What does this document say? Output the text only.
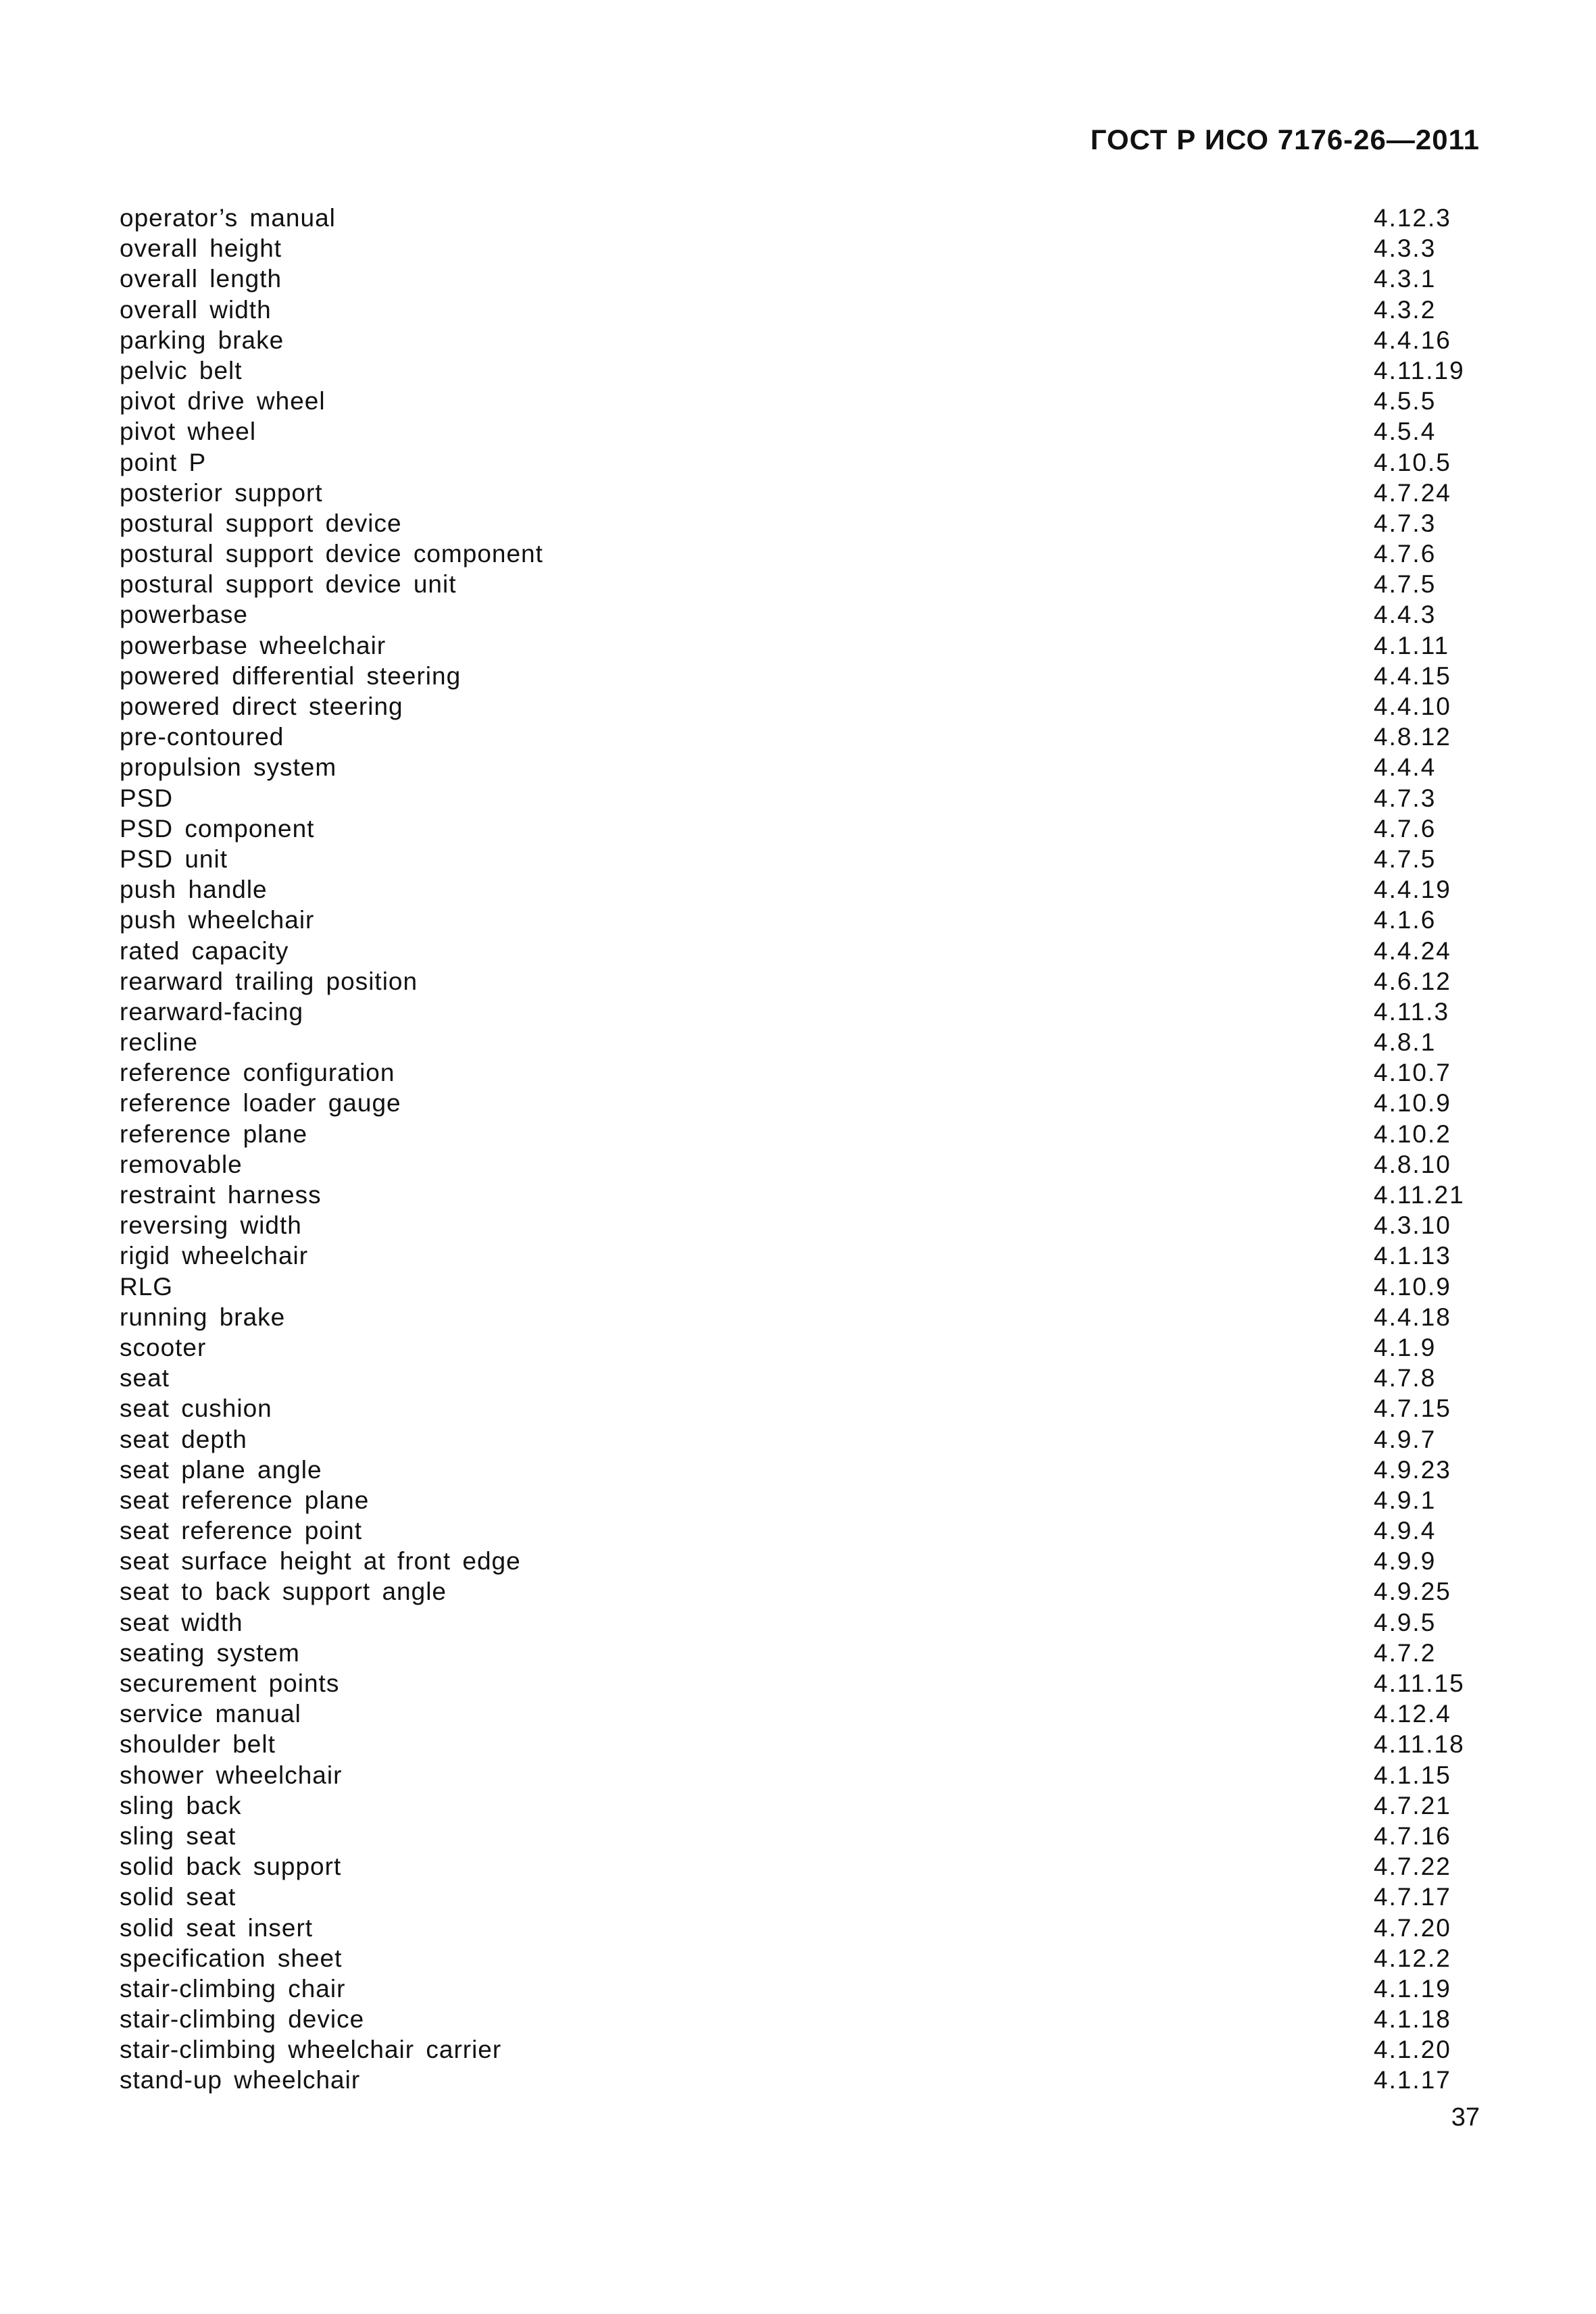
ГОСТ Р ИСО 7176-26—2011
operator’s manual	4.12.3
overall height	4.3.3
overall length	4.3.1
overall width	4.3.2
parking brake	4.4.16
pelvic belt	4.11.19
pivot drive wheel	4.5.5
pivot wheel	4.5.4
point P	4.10.5
posterior support	4.7.24
postural support device	4.7.3
postural support device component	4.7.6
postural support device unit	4.7.5
powerbase	4.4.3
powerbase wheelchair	4.1.11
powered differential steering	4.4.15
powered direct steering	4.4.10
pre-contoured	4.8.12
propulsion system	4.4.4
PSD	4.7.3
PSD component	4.7.6
PSD unit	4.7.5
push handle	4.4.19
push wheelchair	4.1.6
rated capacity	4.4.24
rearward trailing position	4.6.12
rearward-facing	4.11.3
recline	4.8.1
reference configuration	4.10.7
reference loader gauge	4.10.9
reference plane	4.10.2
removable	4.8.10
restraint harness	4.11.21
reversing width	4.3.10
rigid wheelchair	4.1.13
RLG	4.10.9
running brake	4.4.18
scooter	4.1.9
seat	4.7.8
seat cushion	4.7.15
seat depth	4.9.7
seat plane angle	4.9.23
seat reference plane	4.9.1
seat reference point	4.9.4
seat surface height at front edge	4.9.9
seat to back support angle	4.9.25
seat width	4.9.5
seating system	4.7.2
securement points	4.11.15
service manual	4.12.4
shoulder belt	4.11.18
shower wheelchair	4.1.15
sling back	4.7.21
sling seat	4.7.16
solid back support	4.7.22
solid seat	4.7.17
solid seat insert	4.7.20
specification sheet	4.12.2
stair-climbing chair	4.1.19
stair-climbing device	4.1.18
stair-climbing wheelchair carrier	4.1.20
stand-up wheelchair	4.1.17
37
